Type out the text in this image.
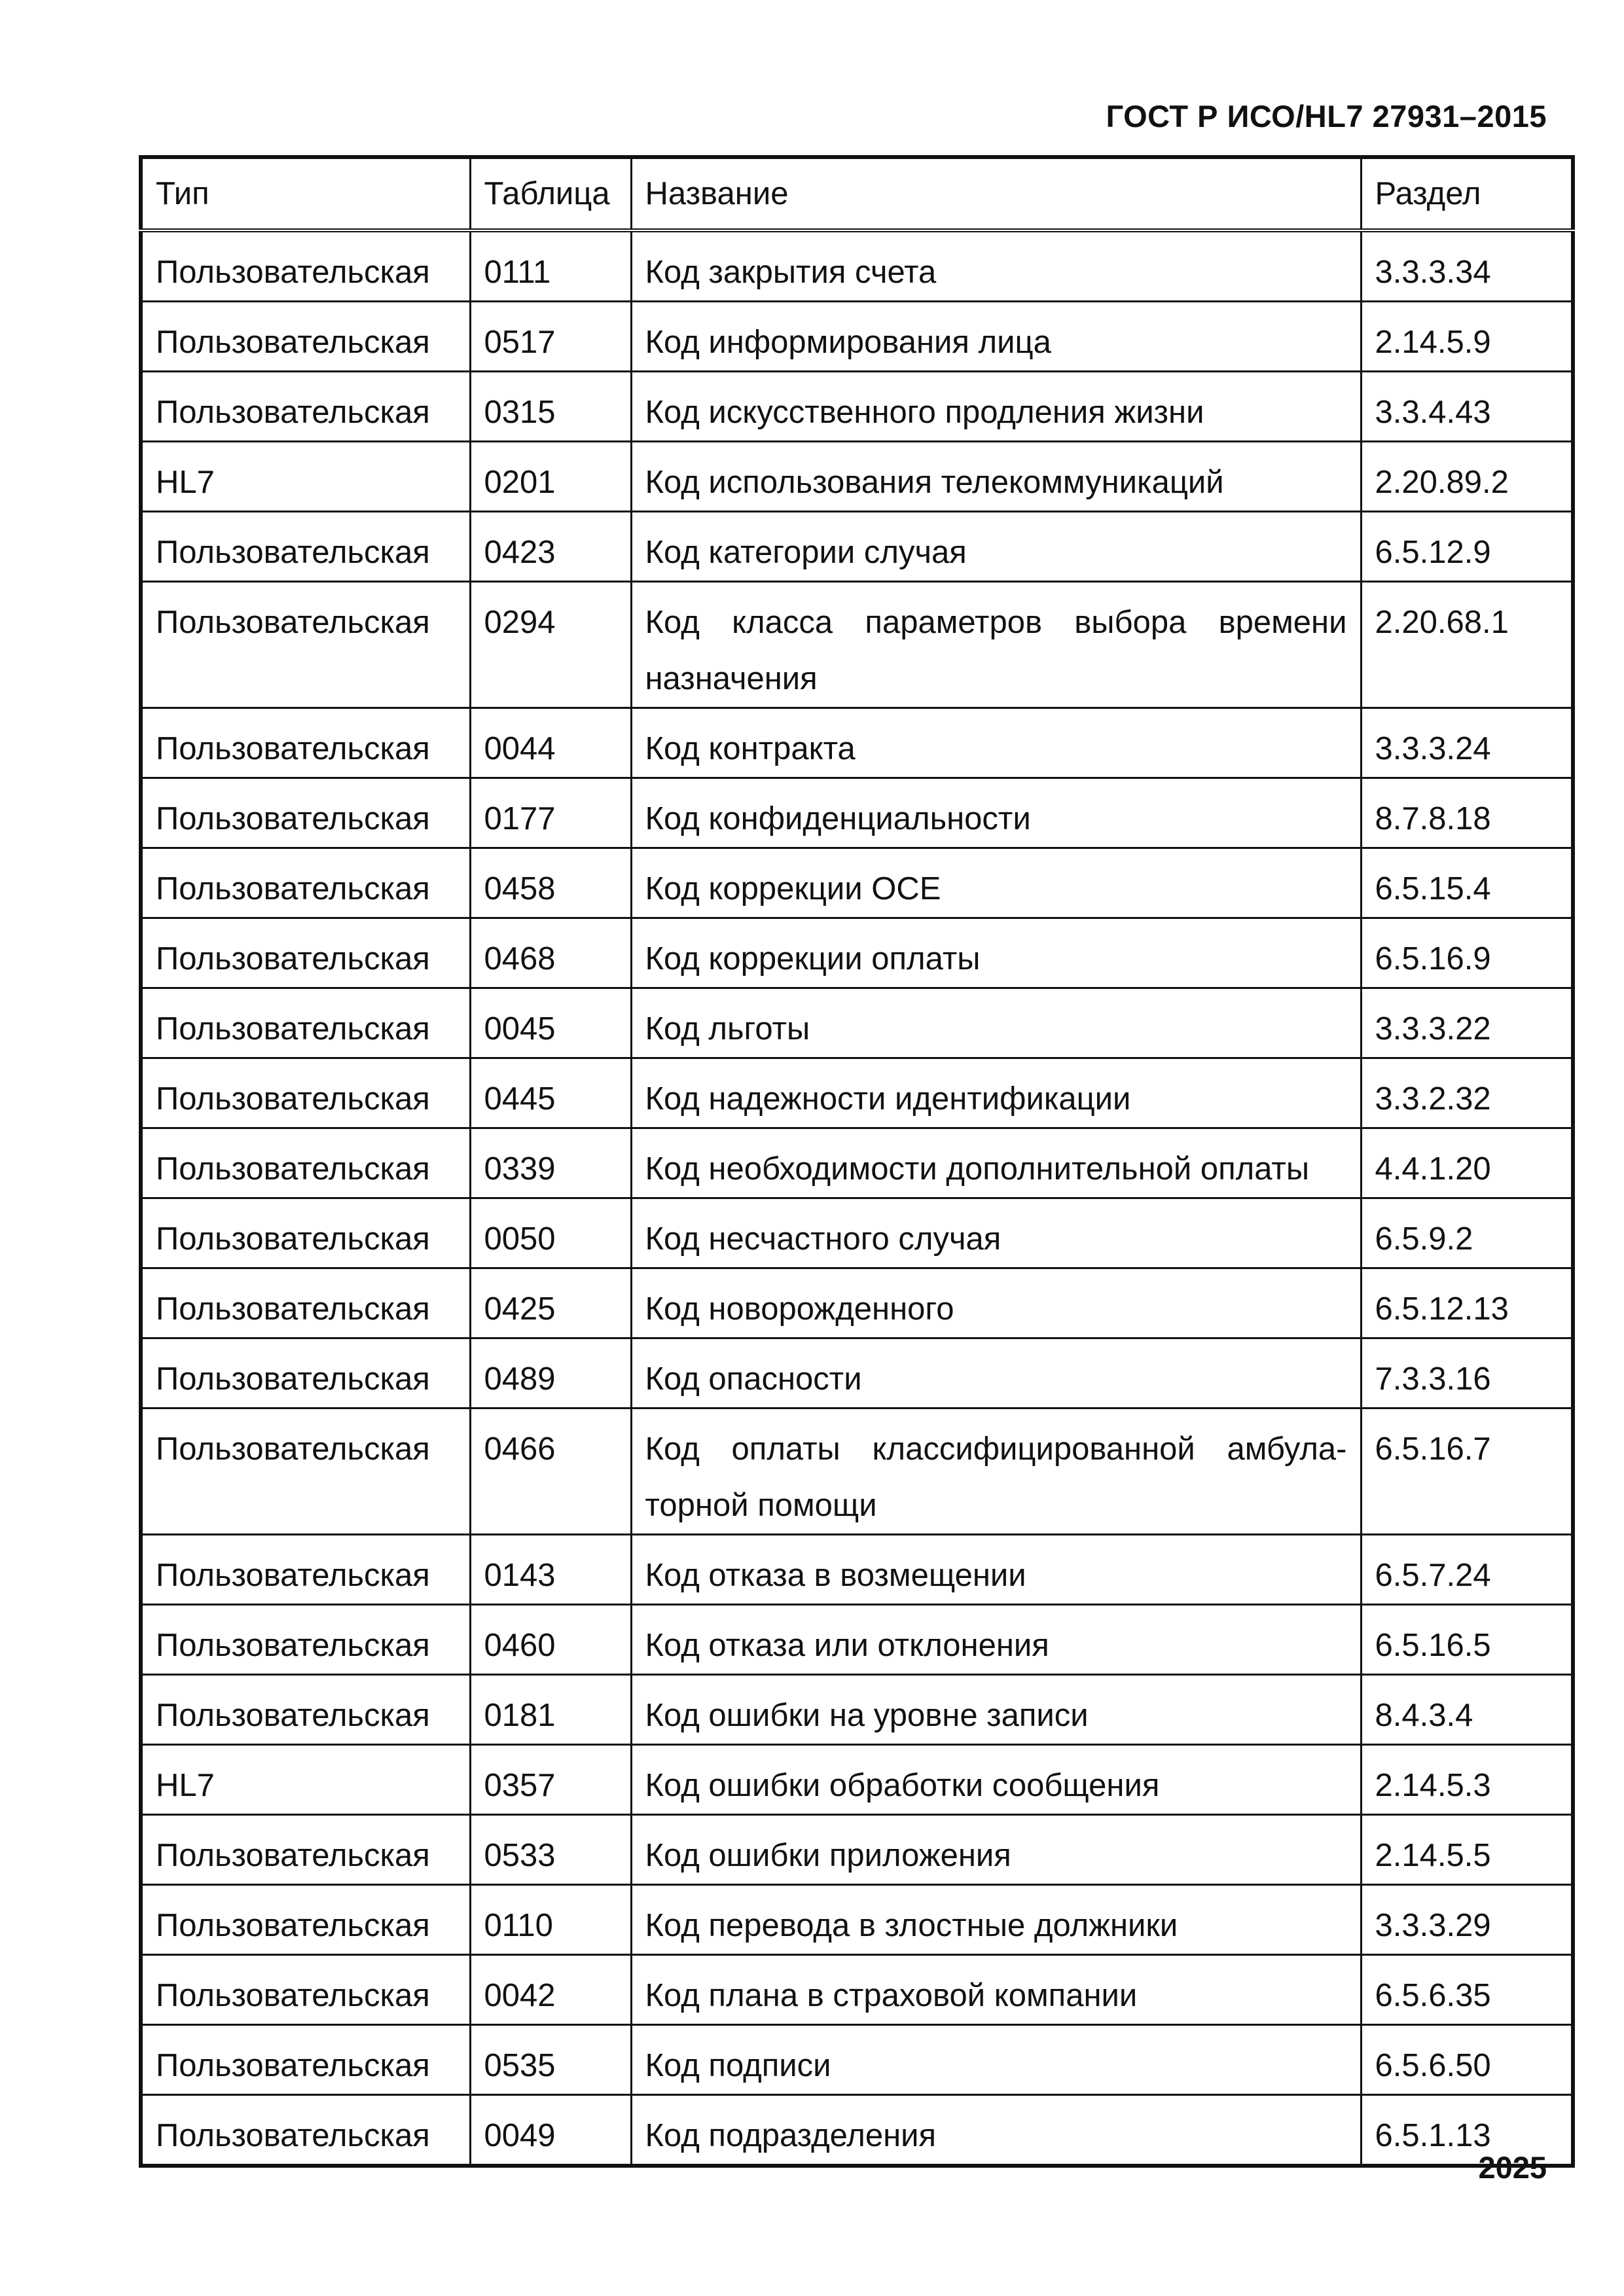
ГОСТ Р ИСО/HL7 27931–2015
Тип	Таблица	Название	Раздел
Пользовательская	0111	Код закрытия счета	3.3.3.34
Пользовательская	0517	Код информирования лица	2.14.5.9
Пользовательская	0315	Код искусственного продления жизни	3.3.4.43
HL7	0201	Код использования телекоммуникаций	2.20.89.2
Пользовательская	0423	Код категории случая	6.5.12.9
Пользовательская	0294	Код класса параметров выбора времени назначения	2.20.68.1
Пользовательская	0044	Код контракта	3.3.3.24
Пользовательская	0177	Код конфиденциальности	8.7.8.18
Пользовательская	0458	Код коррекции ОСЕ	6.5.15.4
Пользовательская	0468	Код коррекции оплаты	6.5.16.9
Пользовательская	0045	Код льготы	3.3.3.22
Пользовательская	0445	Код надежности идентификации	3.3.2.32
Пользовательская	0339	Код необходимости дополнительной оплаты	4.4.1.20
Пользовательская	0050	Код несчастного случая	6.5.9.2
Пользовательская	0425	Код новорожденного	6.5.12.13
Пользовательская	0489	Код опасности	7.3.3.16
Пользовательская	0466	Код оплаты классифицированной амбула-торной помощи	6.5.16.7
Пользовательская	0143	Код отказа в возмещении	6.5.7.24
Пользовательская	0460	Код отказа или отклонения	6.5.16.5
Пользовательская	0181	Код ошибки на уровне записи	8.4.3.4
HL7	0357	Код ошибки обработки сообщения	2.14.5.3
Пользовательская	0533	Код ошибки приложения	2.14.5.5
Пользовательская	0110	Код перевода в злостные должники	3.3.3.29
Пользовательская	0042	Код плана в страховой компании	6.5.6.35
Пользовательская	0535	Код подписи	6.5.6.50
Пользовательская	0049	Код подразделения	6.5.1.13
2025
